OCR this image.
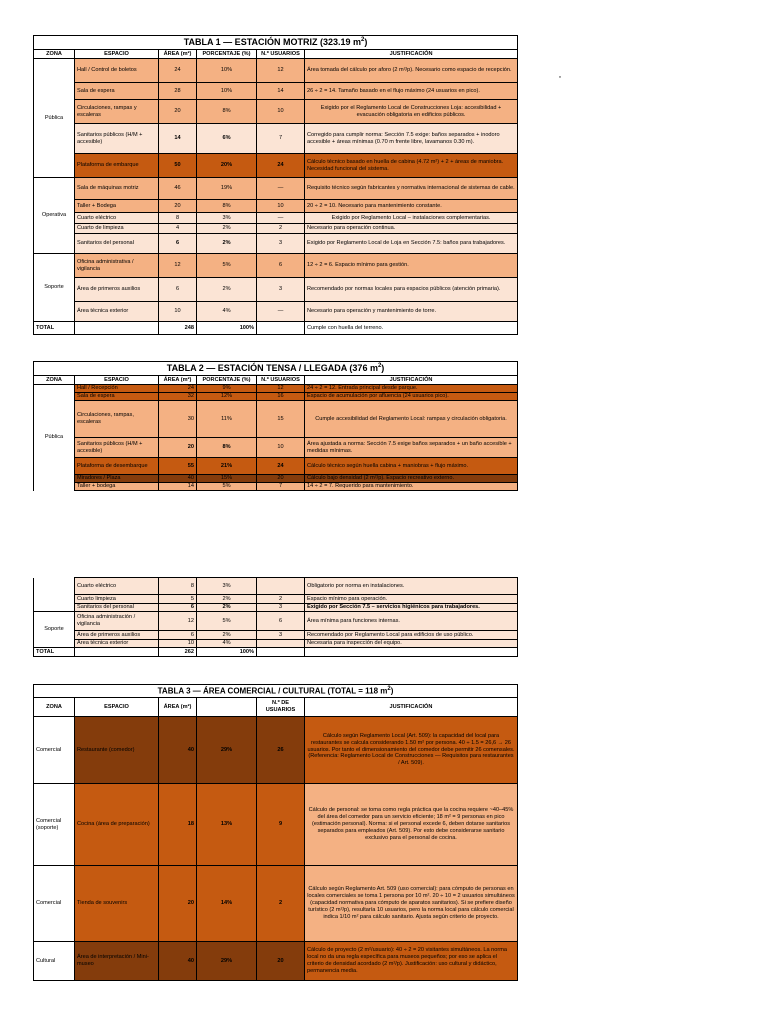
*
TABLA 1 — ESTACIÓN MOTRIZ (323.19 $m^2$)					
ZONA	ESPACIO	ÁREA (m²)	PORCENTAJE (%)	N.º USUARIOS	JUSTIFICACIÓN
Pública	Hall / Control de boletos	24	10%	12	Área tomada del cálculo por aforo (2 m²/p). Necesario como espacio de recepción.
	Sala de espera	28	10%	14	26 ÷ 2 = 14. Tamaño basado en el flujo máximo (24 usuarios en pico).
	Circulaciones, rampas y escaleras	20	8%	10	Exigido por el Reglamento Local de Construcciones Loja: accesibilidad + evacuación obligatoria en edificios públicos.
	Sanitarios públicos (H/M + accesible)	14	6%	7	Corregido para cumplir norma: Sección 7.5 exige: baños separados + inodoro accesible + áreas mínimas (0.70 m frente libre, lavamanos 0.30 m).
	Plataforma de embarque	50	20%	24	Cálculo técnico basado en huella de cabina (4.72 m²) + 2 + áreas de maniobra. Necesidad funcional del sistema.
Operativa	Sala de máquinas motriz	46	19%	—	Requisito técnico según fabricantes y normativa internacional de sistemas de cable.
	Taller + Bodega	20	8%	10	20 ÷ 2 = 10. Necesario para mantenimiento constante.
	Cuarto eléctrico	8	3%	—	Exigido por Reglamento Local – instalaciones complementarias.
	Cuarto de limpieza	4	2%	2	Necesario para operación continua.
	Sanitarios del personal	6	2%	3	Exigido por Reglamento Local de Loja en Sección 7.5: baños para trabajadores.
Soporte	Oficina administrativa / vigilancia	12	5%	6	12 ÷ 2 = 6. Espacio mínimo para gestión.
	Área de primeros auxilios	6	2%	3	Recomendado por normas locales para espacios públicos (atención primaria).
	Área técnica exterior	10	4%	—	Necesario para operación y mantenimiento de torre.
TOTAL		248	100%		Cumple con huella del terreno.
TABLA 2 — ESTACIÓN TENSA / LLEGADA (376 $m^2$)					
ZONA	ESPACIO	ÁREA (m²)	PORCENTAJE (%)	N.º USUARIOS	JUSTIFICACIÓN
Pública	Hall / Recepción	24	9%	12	24 ÷ 2 = 12. Entrada principal desde parque.
	Sala de espera	32	12%	16	Espacio de acumulación por afluencia (24 usuarios pico).
	Circulaciones, rampas, escaleras	30	11%	15	Cumple accesibilidad del Reglamento Local: rampas y circulación obligatoria.
	Sanitarios públicos (H/M + accesible)	20	8%	10	Área ajustada a norma: Sección 7.5 exige baños separados + un baño accesible + medidas mínimas.
	Plataforma de desembarque	55	21%	24	Cálculo técnico según huella cabina + maniobras + flujo máximo.
	Miradores / Plaza	40	15%	20	Cálculo bajo densidad (2 m²/p). Espacio recreativo externo.
	Taller + bodega	14	5%	7	14 ÷ 2 = 7. Requerido para mantenimiento.
	Cuarto eléctrico	8	3%		Obligatorio por norma en instalaciones.
	Cuarto limpieza	5	2%	2	Espacio mínimo para operación.
	Sanitarios del personal	6	2%	3	Exigido por Sección 7.5 – servicios higiénicos para trabajadores.
Soporte	Oficina administración / vigilancia	12	5%	6	Área mínima para funciones internas.
	Área de primeros auxilios	6	2%	3	Recomendado por Reglamento Local para edificios de uso público.
	Área técnica exterior	10	4%		Necesaria para inspección del equipo.
TOTAL		262	100%		
TABLA 3 — ÁREA COMERCIAL / CULTURAL (TOTAL = 118 $m^2$)					
ZONA	ESPACIO	ÁREA (m²)		N.º DE USUARIOS	JUSTIFICACIÓN
Comercial	Restaurante (comedor)	40	29%	26	Cálculo según Reglamento Local (Art. 509): la capacidad del local para restaurantes se calcula considerando 1.50 m² por persona. 40 ÷ 1.5 = 26,6 → 26 usuarios. Por tanto el dimensionamiento del comedor debe permitir 26 comensales. (Referencia: Reglamento Local de Construcciones — Requisitos para restaurantes / Art. 509).
Comercial (soporte)	Cocina (área de preparación)	18	13%	9	Cálculo de personal: se toma como regla práctica que la cocina requiere ~40–45% del área del comedor para un servicio eficiente; 18 m² = 9 personas en pico (estimación personal). Norma: si el personal excede 6, deben dotarse sanitarios separados para empleados (Art. 509). Por esto debe considerarse sanitario exclusivo para el personal de cocina.
Comercial	Tienda de souvenirs	20	14%	2	Cálculo según Reglamento Art. 509 (uso comercial): para cómputo de personas en locales comerciales se toma 1 persona por 10 m². 20 ÷ 10 = 2 usuarios simultáneos (capacidad normativa para cómputo de aparatos sanitarios). Si se prefiere diseño turístico (2 m²/p), resultaría 10 usuarios, pero la norma local para cálculo comercial indica 1/10 m² para cálculo sanitario. Ajusta según criterio de proyecto.
Cultural	Área de interpretación / Mini-museo	40	29%	20	Cálculo de proyecto (2 m²/usuario): 40 ÷ 2 = 20 visitantes simultáneos. La norma local no da una regla específica para museos pequeños; por eso se aplica el criterio de densidad acordado (2 m²/p). Justificación: uso cultural y didáctico, permanencia media.
